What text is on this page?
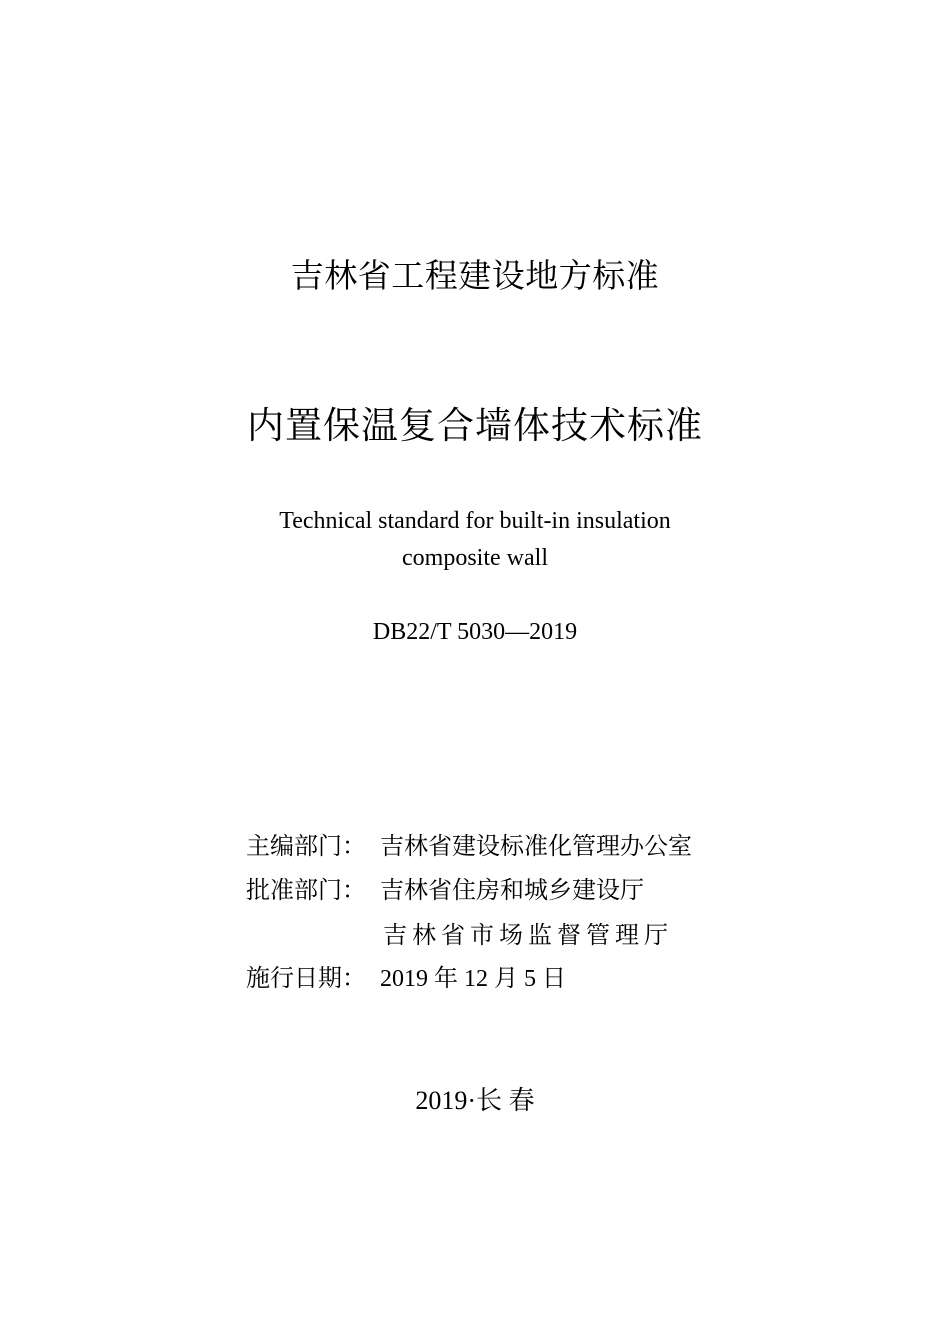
吉林省工程建设地方标准
内置保温复合墙体技术标准
Technical standard for built-in insulation
composite wall
DB22/T 5030—2019
主编部门： 吉林省建设标准化管理办公室
批准部门： 吉林省住房和城乡建设厅
吉林省市场监督管理厅
施行日期： 2019 年 12 月 5 日
2019·长 春
